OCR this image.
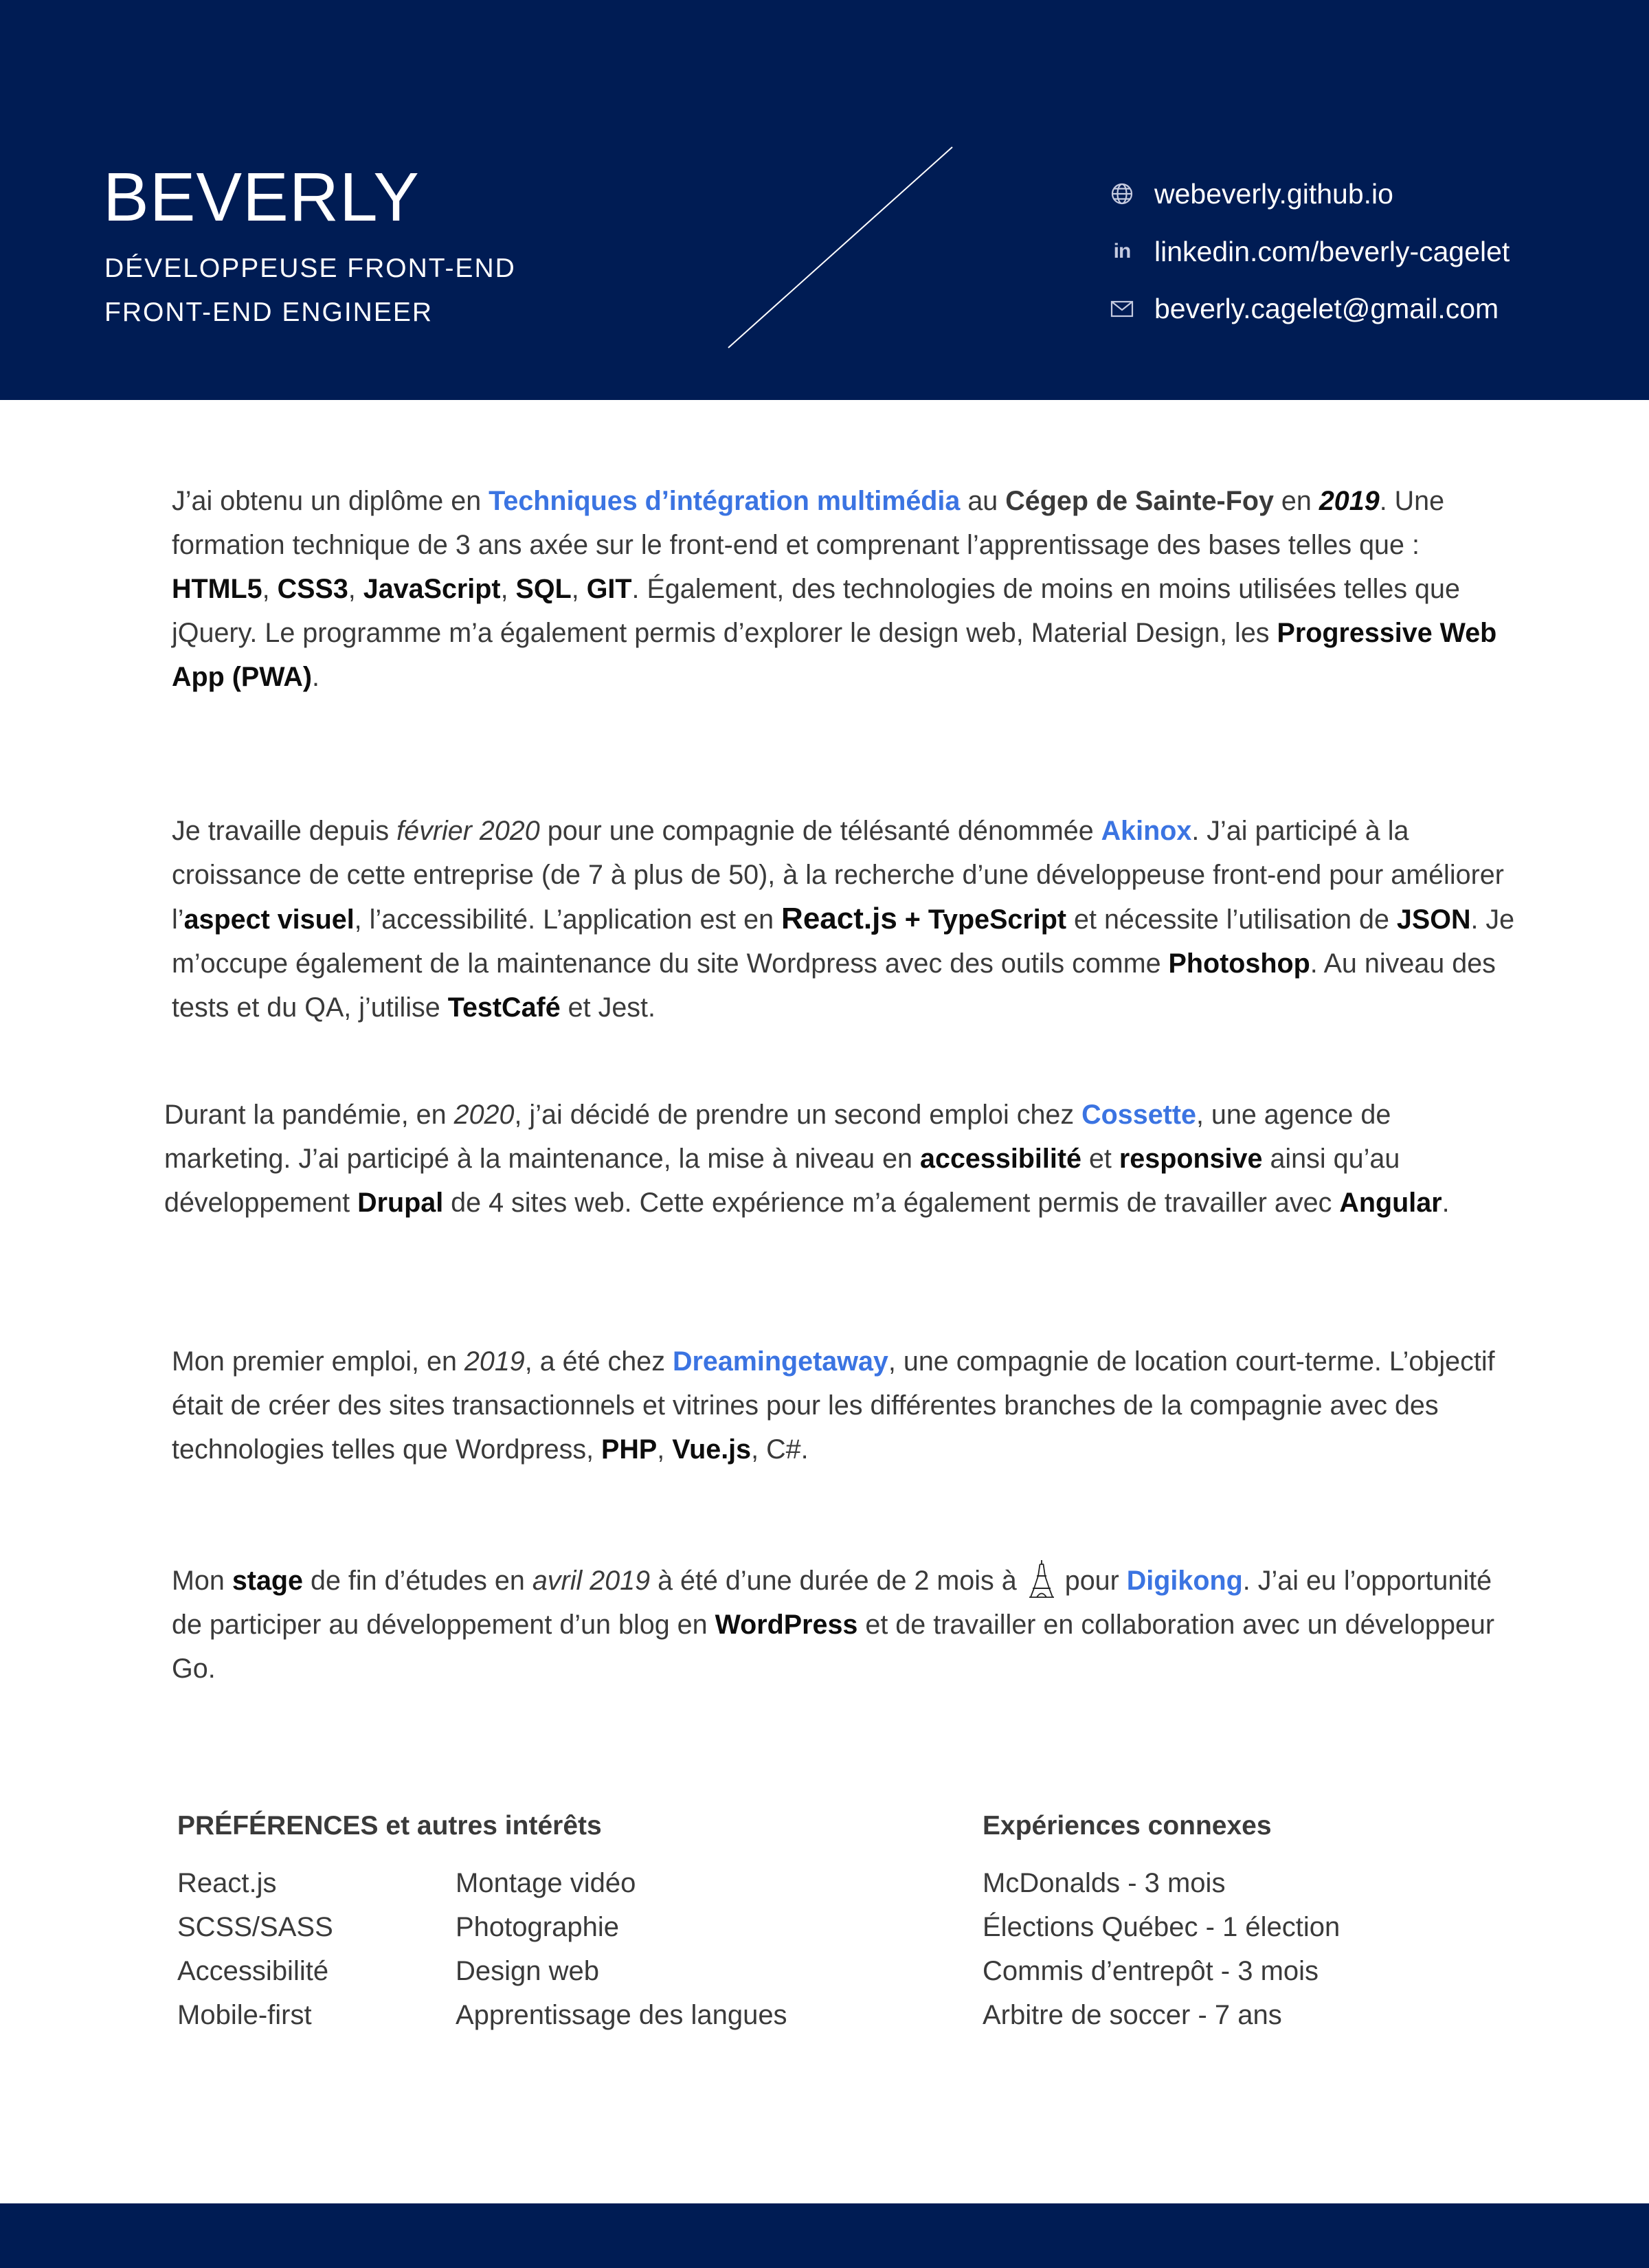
BEVERLY
DÉVELOPPEUSE FRONT-END
FRONT-END ENGINEER
webeverly.github.io
in linkedin.com/beverly-cagelet
beverly.cagelet@gmail.com

J’ai obtenu un diplôme en Techniques d’intégration multimédia au Cégep de Sainte-Foy en 2019. Une formation technique de 3 ans axée sur le front-end et comprenant l’apprentissage des bases telles que : HTML5, CSS3, JavaScript, SQL, GIT. Également, des technologies de moins en moins utilisées telles que jQuery. Le programme m’a également permis d’explorer le design web, Material Design, les Progressive Web App (PWA).

Je travaille depuis février 2020 pour une compagnie de télésanté dénommée Akinox. J’ai participé à la croissance de cette entreprise (de 7 à plus de 50), à la recherche d’une développeuse front-end pour améliorer l’aspect visuel, l’accessibilité. L’application est en React.js + TypeScript et nécessite l’utilisation de JSON. Je m’occupe également de la maintenance du site Wordpress avec des outils comme Photoshop. Au niveau des tests et du QA, j’utilise TestCafé et Jest.

Durant la pandémie, en 2020, j’ai décidé de prendre un second emploi chez Cossette, une agence de marketing. J’ai participé à la maintenance, la mise à niveau en accessibilité et responsive ainsi qu’au développement Drupal de 4 sites web. Cette expérience m’a également permis de travailler avec Angular.

Mon premier emploi, en 2019, a été chez Dreamingetaway, une compagnie de location court-terme. L’objectif était de créer des sites transactionnels et vitrines pour les différentes branches de la compagnie avec des technologies telles que Wordpress, PHP, Vue.js, C#.

Mon stage de fin d’études en avril 2019 à été d’une durée de 2 mois à pour Digikong. J’ai eu l’opportunité de participer au développement d’un blog en WordPress et de travailler en collaboration avec un développeur Go.

PRÉFÉRENCES et autres intérêts
React.js
SCSS/SASS
Accessibilité
Mobile-first
Montage vidéo
Photographie
Design web
Apprentissage des langues
Expériences connexes
McDonalds - 3 mois
Élections Québec - 1 élection
Commis d’entrepôt - 3 mois
Arbitre de soccer - 7 ans
